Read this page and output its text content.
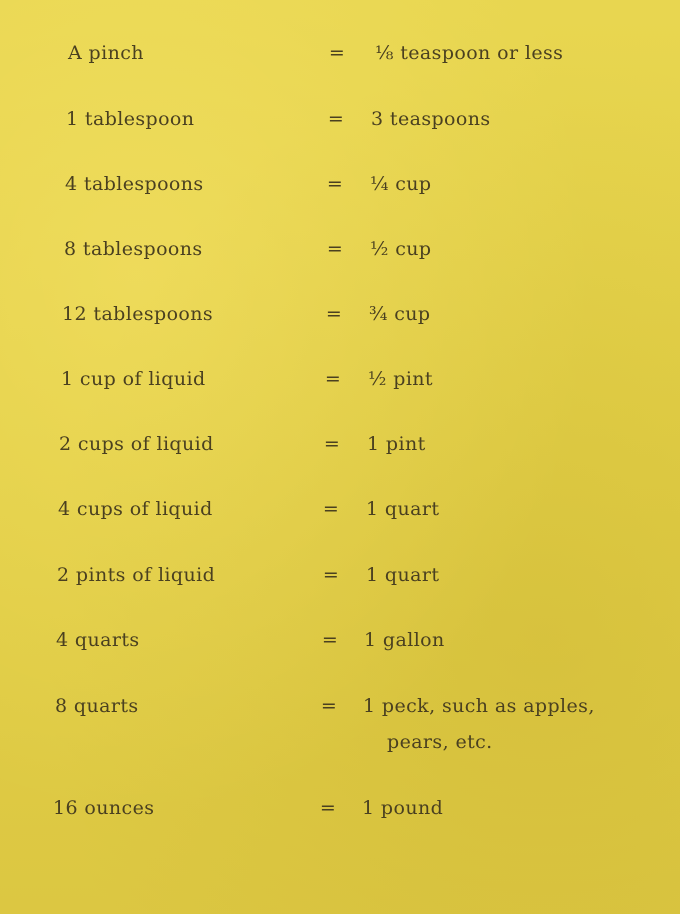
A pinch	= ⅛ teaspoon or less
1 tablespoon	= 3 teaspoons
4 tablespoons	= ¼ cup
8 tablespoons	= ½ cup
12 tablespoons	= ¾ cup
1 cup of liquid	= ½ pint
2 cups of liquid	= 1 pint
4 cups of liquid	= 1 quart
2 pints of liquid	= 1 quart
4 quarts	= 1 gallon
8 quarts	= 1 peck, such as apples,
pears, etc.
16 ounces	= 1 pound
